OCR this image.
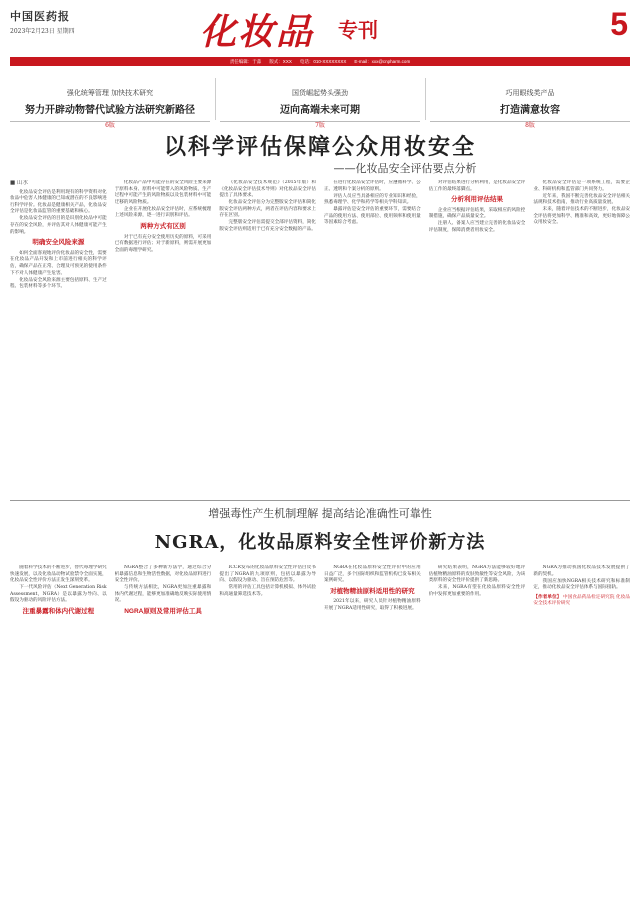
中国医药报
2023年2月23日 星期四	化妆品 专刊	5
责任编辑：于淼 版式：XXX 电话：010-XXXXXXXX E-mail：xxx@cnpharm.com
强化统筹管理 加快技术研究
努力开辟动物替代试验方法研究新路径
6版
国货崛起势头强劲
迈向高端未来可期
7版
巧用眼线类产品
打造满意妆容
8版
以科学评估保障公众用妆安全
——化妆品安全评估要点分析
■ 山水

化妆品安全评估是利用现有的科学资料对化妆品中危害人体健康的已知或潜在的不良影响进行科学评价。化妆品是健康相关产品，化妆品安全评估是化妆品监管的重要基础和核心。

化妆品安全评估的目的是识别化妆品中可能存在的安全风险，并评估其对人体健康可能产生的影响。

明确安全风险来源

如何全面客观地评价化妆品的安全性，需要在化妆品产品开发和上市前进行相关的科学评估，确保产品在正常、合理及可预见的使用条件下不对人体健康产生危害。

化妆品安全风险来源主要包括原料、生产过程、包装材料等多个环节。

化妆品产品中可能存在的安全风险主要来源于原料本身、原料中可能带入的风险物质、生产过程中可能产生的风险物质以及包装材料中可能迁移的风险物质。

企业在开展化妆品安全评估时，应系统梳理上述风险来源，逐一进行识别和评估。

两种方式有区别

对于已有充分安全使用历史的原料，可采用已有数据进行评估；对于新原料，则需开展更加全面的毒理学研究。

《化妆品安全技术规范》（2015年版）和《化妆品安全评估技术导则》对化妆品安全评估提出了具体要求。

化妆品安全评估分为完整版安全评估和简化版安全评估两种方式，两者在评估内容和要求上存在区别。

完整版安全评估需提交全部评估资料，简化版安全评估则适用于已有充分安全数据的产品。

在进行化妆品安全评估时，应遵循科学、公正、透明和个案分析的原则。

评估人员应当具备相应的专业知识和经验，熟悉毒理学、化学和药学等相关学科知识。

暴露评估是安全评估的重要环节，需要结合产品的使用方法、使用部位、使用频率和使用量等因素综合考虑。

对评估结果进行分析利用，是化妆品安全评估工作的最终落脚点。

分析利用评估结果

企业应当根据评估结果，采取相应的风险控制措施，确保产品质量安全。

注册人、备案人应当建立完善的化妆品安全评估制度，保障消费者用妆安全。

化妆品安全评估是一项系统工程，需要企业、科研机构和监管部门共同努力。

近年来，我国不断完善化妆品安全评估相关法规和技术指南，推动行业高质量发展。

未来，随着评估技术的不断进步，化妆品安全评估将更加科学、精准和高效，更好地保障公众用妆安全。

增强毒性产生机制理解 提高结论准确性可靠性
NGRA，化妆品原料安全性评价新方法

随着科学技术的不断进步，替代毒理学研究快速发展，以及化妆品动物试验禁令全面实施，化妆品安全性评价方法正发生深刻变革。

下一代风险评估（Next Generation Risk Assessment，NGRA）是以暴露为导向、以假设为驱动的风险评估方法。

注重暴露和体内代谢过程

NGRA整合了多种新方法学，通过综合分析暴露信息和生物活性数据，对化妆品原料进行安全性评价。

与传统方法相比，NGRA更加注重暴露和体内代谢过程，能够更加准确地反映实际使用情况。

NGRA原则及常用评估工具

ICCR发布的化妆品原料安全性评估白皮书提出了NGRA的九项原则，包括以暴露为导向、以假设为驱动、旨在预防危害等。

常用的评估工具包括计算机模拟、体外试验和高通量筛选技术等。

NGRA在化妆品原料安全性评价中的应用日益广泛，多个国际组织和监管机构已发布相关案例研究。

对植物精油原料适用性的研究

2021年以来，研究人员针对植物精油原料开展了NGRA适用性研究，取得了积极进展。

研究结果表明，NGRA方法能够较好地评估植物精油原料的皮肤致敏性等安全风险，为该类原料的安全性评价提供了新思路。

未来，NGRA有望在化妆品原料安全性评价中发挥更加重要的作用。

NGRA为推动我国化妆品技术发展提供了新的契机。

我国应加快NGRA相关技术研究和标准制定，推动化妆品安全评估体系与国际接轨。

【作者单位】 中国食品药品检定研究院 化妆品安全技术评价研究
